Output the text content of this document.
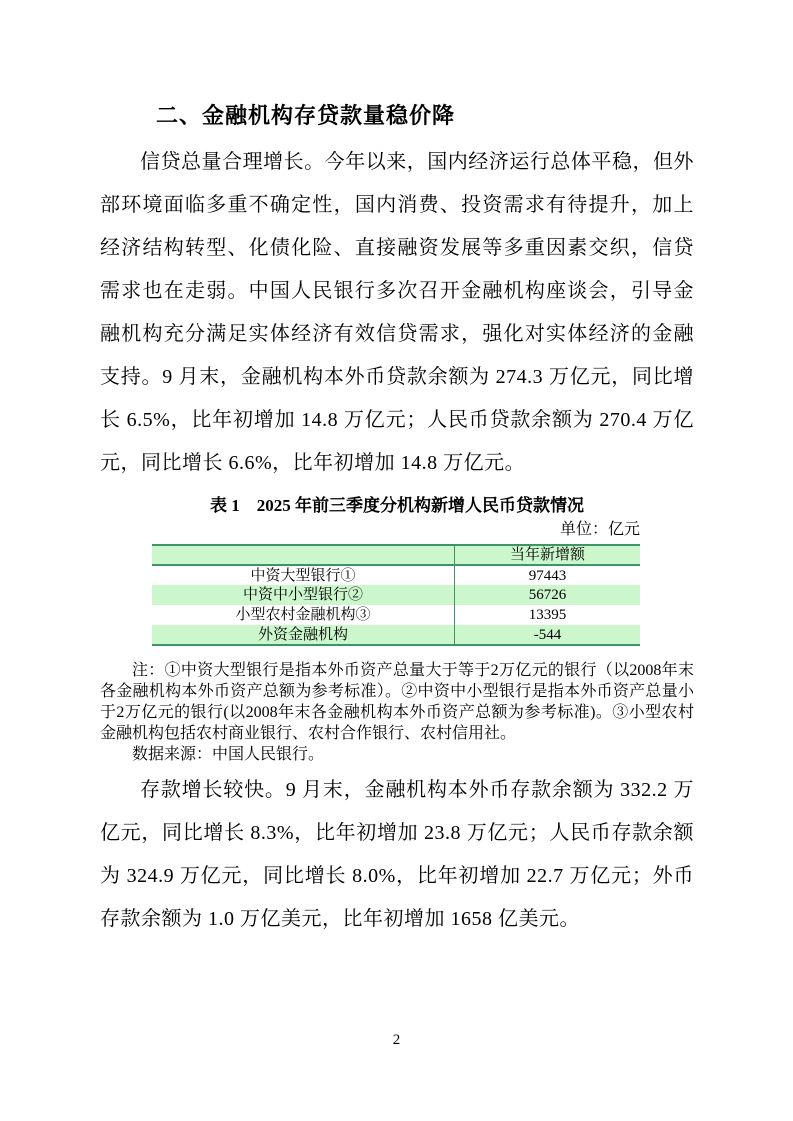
二、金融机构存贷款量稳价降

信贷总量合理增长。今年以来，国内经济运行总体平稳，但外部环境面临多重不确定性，国内消费、投资需求有待提升，加上经济结构转型、化债化险、直接融资发展等多重因素交织，信贷需求也在走弱。中国人民银行多次召开金融机构座谈会，引导金融机构充分满足实体经济有效信贷需求，强化对实体经济的金融支持。9 月末，金融机构本外币贷款余额为 274.3 万亿元，同比增长 6.5%，比年初增加 14.8 万亿元；人民币贷款余额为 270.4 万亿元，同比增长 6.6%，比年初增加 14.8 万亿元。

表 1　2025 年前三季度分机构新增人民币贷款情况
单位：亿元
	当年新增额
中资大型银行①	97443
中资中小型银行②	56726
小型农村金融机构③	13395
外资金融机构	-544

注：①中资大型银行是指本外币资产总量大于等于2万亿元的银行（以2008年末各金融机构本外币资产总额为参考标准）。②中资中小型银行是指本外币资产总量小于2万亿元的银行(以2008年末各金融机构本外币资产总额为参考标准)。③小型农村金融机构包括农村商业银行、农村合作银行、农村信用社。

数据来源：中国人民银行。

存款增长较快。9 月末，金融机构本外币存款余额为 332.2 万亿元，同比增长 8.3%，比年初增加 23.8 万亿元；人民币存款余额为 324.9 万亿元，同比增长 8.0%，比年初增加 22.7 万亿元；外币存款余额为 1.0 万亿美元，比年初增加 1658 亿美元。

2
